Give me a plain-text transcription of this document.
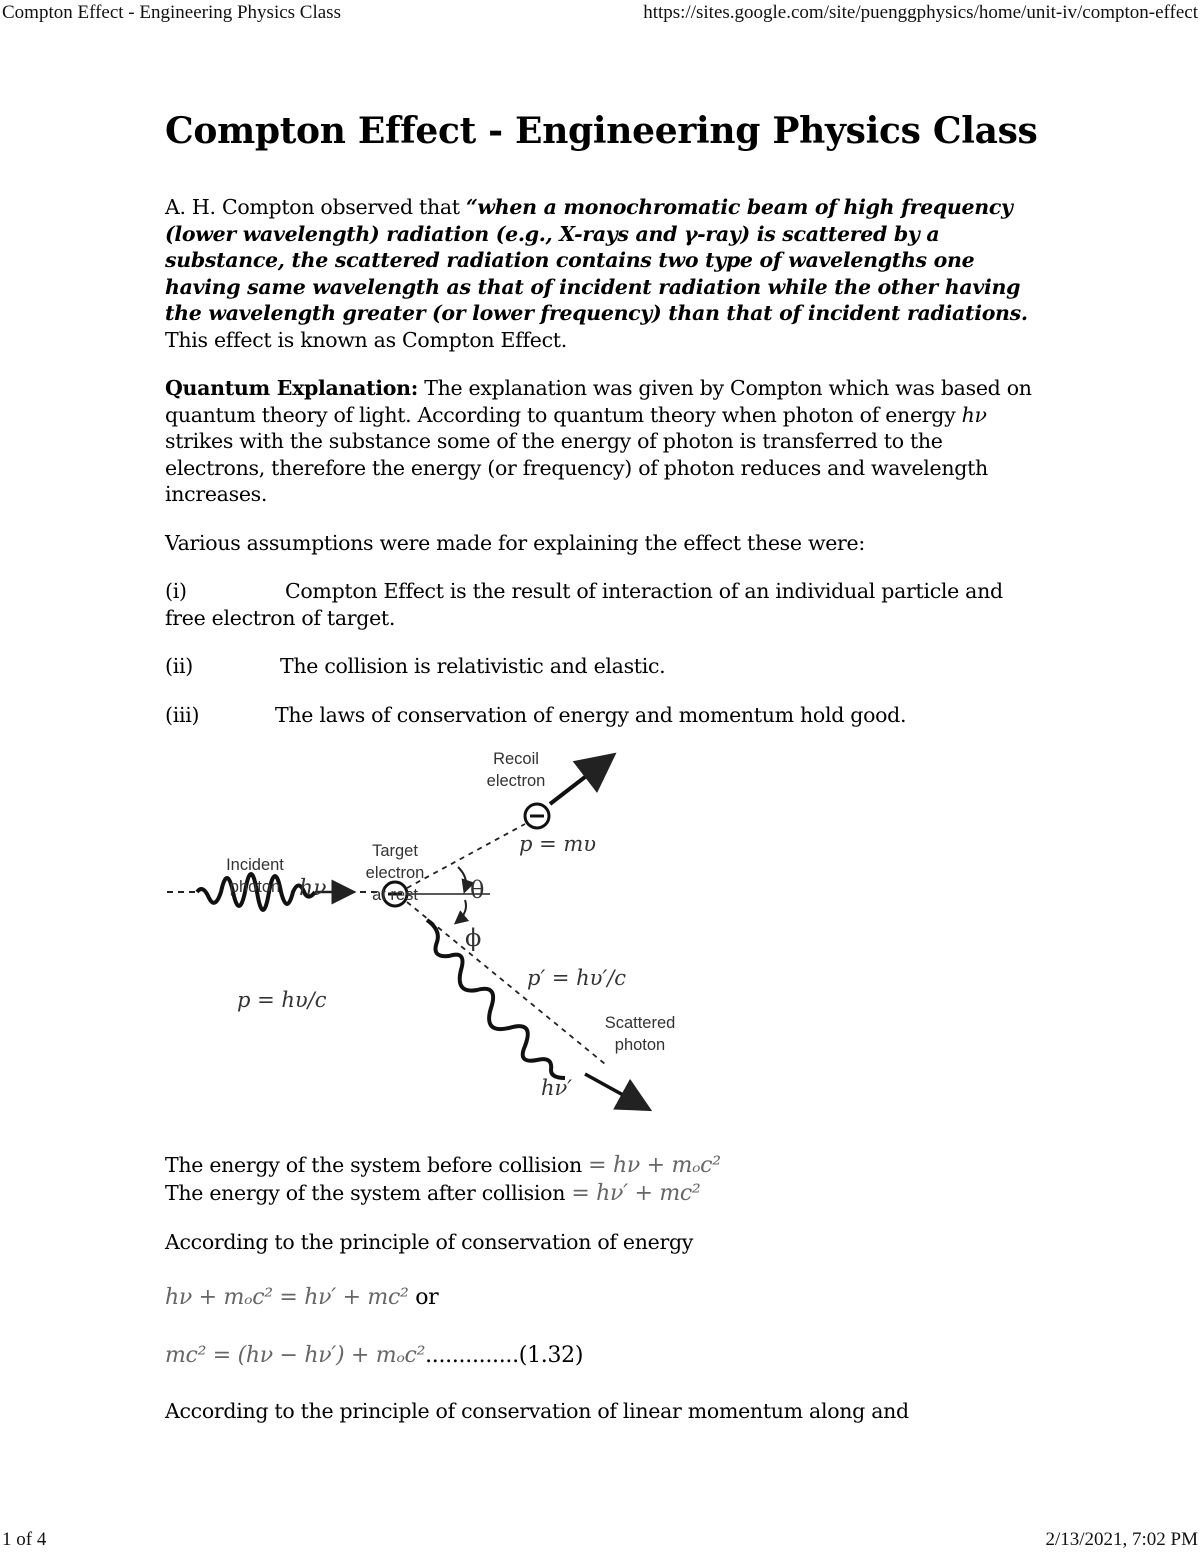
Compton Effect - Engineering Physics Class	https://sites.google.com/site/puenggphysics/home/unit-iv/compton-effect
Compton Effect - Engineering Physics Class

A. H. Compton observed that “when a monochromatic beam of high frequency (lower wavelength) radiation (e.g., X-rays and γ-ray) is scattered by a substance, the scattered radiation contains two type of wavelengths one having same wavelength as that of incident radiation while the other having the wavelength greater (or lower frequency) than that of incident radiations. This effect is known as Compton Effect.

Quantum Explanation: The explanation was given by Compton which was based on quantum theory of light. According to quantum theory when photon of energy hν strikes with the substance some of the energy of photon is transferred to the electrons, therefore the energy (or frequency) of photon reduces and wavelength increases.

Various assumptions were made for explaining the effect these were:

(i)	Compton Effect is the result of interaction of an individual particle and free electron of target.

(ii)	The collision is relativistic and elastic.

(iii)	The laws of conservation of energy and momentum hold good.

Incident photon hν
p = hυ/c
Target electron at rest
Recoil electron
p = mυ
θ
ϕ
p′ = hυ′/c
Scattered photon
hν′

The energy of the system before collision = hν + mₒc²

The energy of the system after collision = hν′ + mc²

According to the principle of conservation of energy

hν + mₒc² = hν′ + mc² or

mc² = (hν − hν′) + mₒc²..............(1.32)

According to the principle of conservation of linear momentum along and

1 of 4	2/13/2021, 7:02 PM
